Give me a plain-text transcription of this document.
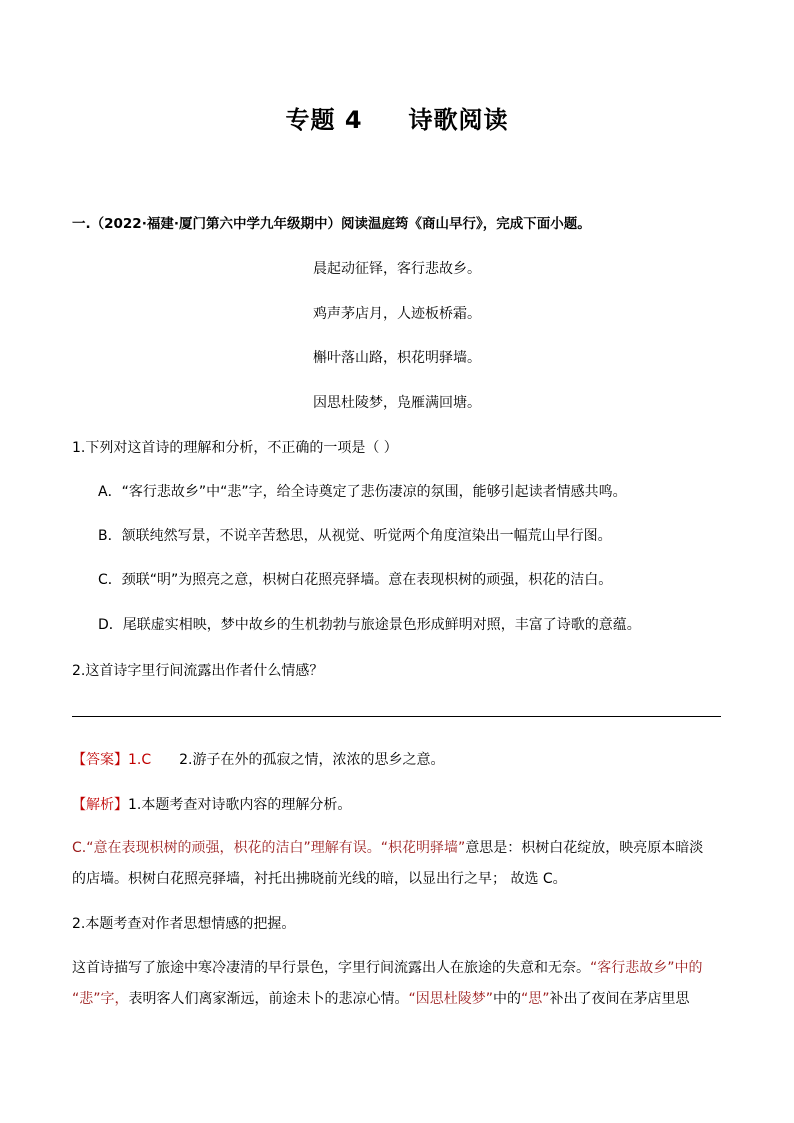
专题 4 诗歌阅读
一.（2022·福建·厦门第六中学九年级期中）阅读温庭筠《商山早行》，完成下面小题。
晨起动征铎，客行悲故乡。
鸡声茅店月，人迹板桥霜。
槲叶落山路，枳花明驿墙。
因思杜陵梦，凫雁满回塘。
1.下列对这首诗的理解和分析，不正确的一项是（ ）
A．“客行悲故乡”中“悲”字，给全诗奠定了悲伤凄凉的氛围，能够引起读者情感共鸣。
B．颔联纯然写景，不说辛苦愁思，从视觉、听觉两个角度渲染出一幅荒山早行图。
C．颈联“明”为照亮之意，枳树白花照亮驿墙。意在表现枳树的顽强，枳花的洁白。
D．尾联虚实相映，梦中故乡的生机勃勃与旅途景色形成鲜明对照，丰富了诗歌的意蕴。
2.这首诗字里行间流露出作者什么情感？
【答案】1.C 2.游子在外的孤寂之情，浓浓的思乡之意。
【解析】1.本题考查对诗歌内容的理解分析。
C.“意在表现枳树的顽强，枳花的洁白”理解有误。“枳花明驿墙”意思是：枳树白花绽放，映亮原本暗淡
的店墙。枳树白花照亮驿墙，衬托出拂晓前光线的暗，以显出行之早； 故选 C。
2.本题考查对作者思想情感的把握。
这首诗描写了旅途中寒冷凄清的早行景色，字里行间流露出人在旅途的失意和无奈。“客行悲故乡”中的
“悲”字，表明客人们离家渐远，前途未卜的悲凉心情。“因思杜陵梦”中的“思”补出了夜间在茅店里思
